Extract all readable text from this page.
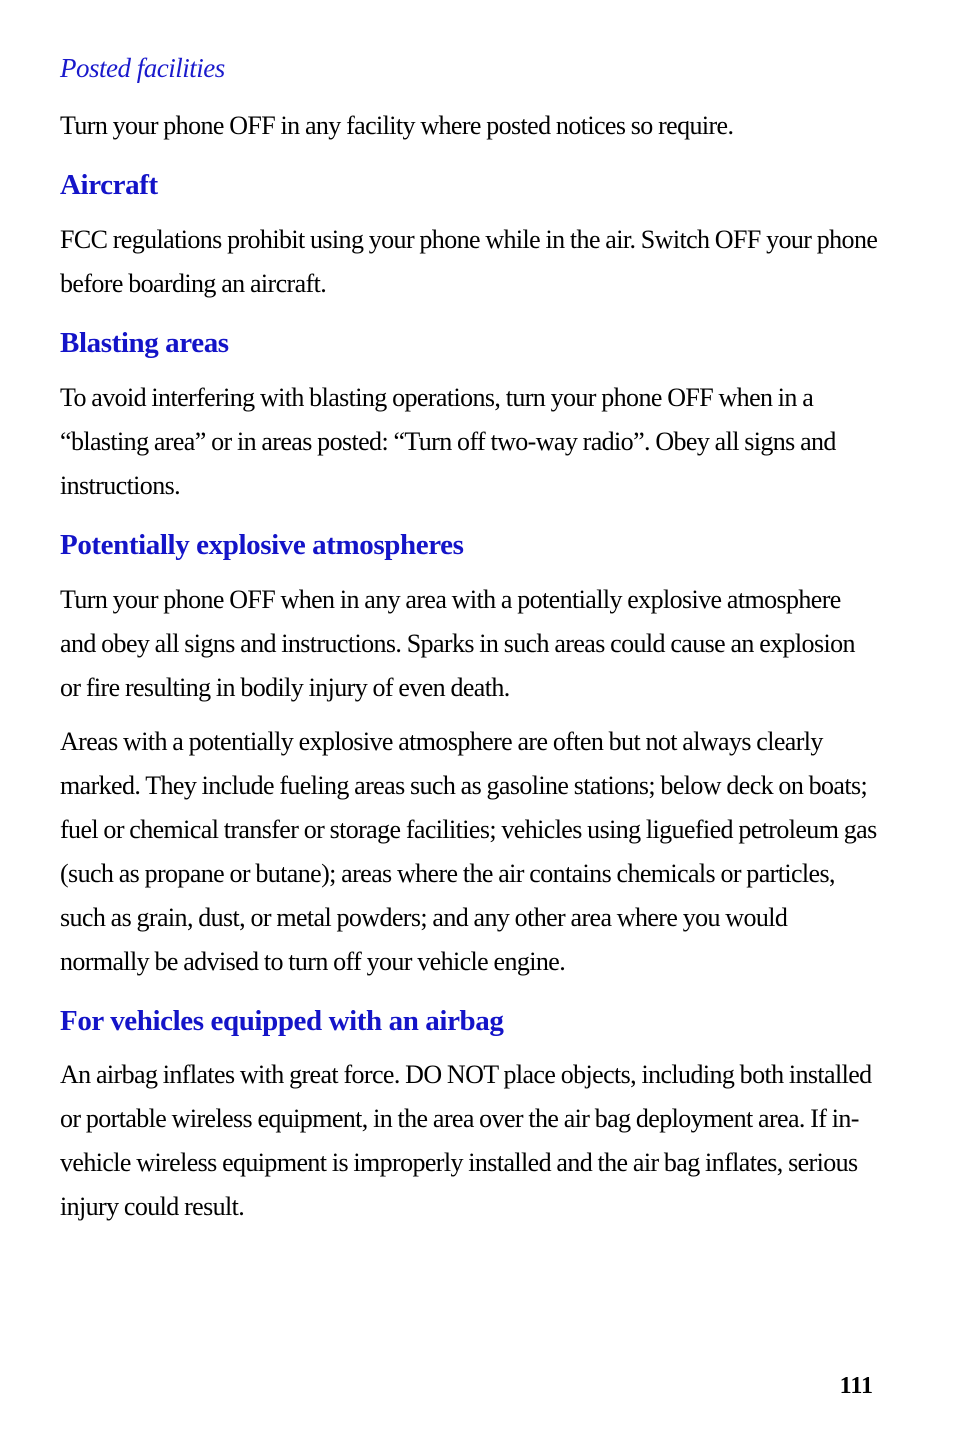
Posted facilities
Turn your phone OFF in any facility where posted notices so require.
Aircraft
FCC regulations prohibit using your phone while in the air. Switch OFF your phone before boarding an aircraft.
Blasting areas
To avoid interfering with blasting operations, turn your phone OFF when in a “blasting area” or in areas posted: “Turn off two-way radio”. Obey all signs and instructions.
Potentially explosive atmospheres
Turn your phone OFF when in any area with a potentially explosive atmosphere and obey all signs and instructions. Sparks in such areas could cause an explosion or fire resulting in bodily injury of even death.
Areas with a potentially explosive atmosphere are often but not always clearly marked. They include fueling areas such as gasoline stations; below deck on boats; fuel or chemical transfer or storage facilities; vehicles using liguefied petroleum gas (such as propane or butane); areas where the air contains chemicals or particles, such as grain, dust, or metal powders; and any other area where you would normally be advised to turn off your vehicle engine.
For vehicles equipped with an airbag
An airbag inflates with great force. DO NOT place objects, including both installed or portable wireless equipment, in the area over the air bag deployment area. If in-vehicle wireless equipment is improperly installed and the air bag inflates, serious injury could result.
111
